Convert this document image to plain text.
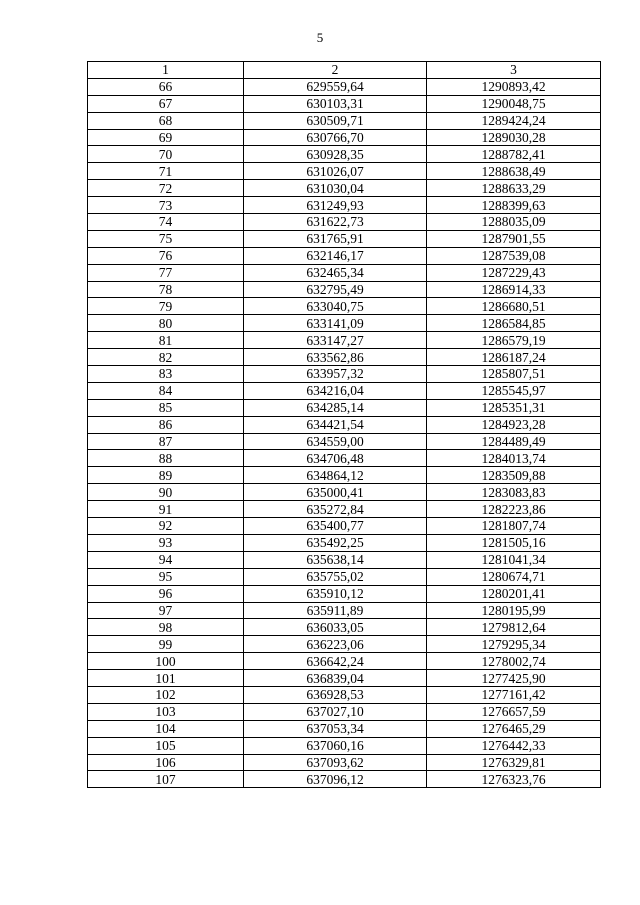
5
1	2	3
66	629559,64	1290893,42
67	630103,31	1290048,75
68	630509,71	1289424,24
69	630766,70	1289030,28
70	630928,35	1288782,41
71	631026,07	1288638,49
72	631030,04	1288633,29
73	631249,93	1288399,63
74	631622,73	1288035,09
75	631765,91	1287901,55
76	632146,17	1287539,08
77	632465,34	1287229,43
78	632795,49	1286914,33
79	633040,75	1286680,51
80	633141,09	1286584,85
81	633147,27	1286579,19
82	633562,86	1286187,24
83	633957,32	1285807,51
84	634216,04	1285545,97
85	634285,14	1285351,31
86	634421,54	1284923,28
87	634559,00	1284489,49
88	634706,48	1284013,74
89	634864,12	1283509,88
90	635000,41	1283083,83
91	635272,84	1282223,86
92	635400,77	1281807,74
93	635492,25	1281505,16
94	635638,14	1281041,34
95	635755,02	1280674,71
96	635910,12	1280201,41
97	635911,89	1280195,99
98	636033,05	1279812,64
99	636223,06	1279295,34
100	636642,24	1278002,74
101	636839,04	1277425,90
102	636928,53	1277161,42
103	637027,10	1276657,59
104	637053,34	1276465,29
105	637060,16	1276442,33
106	637093,62	1276329,81
107	637096,12	1276323,76
